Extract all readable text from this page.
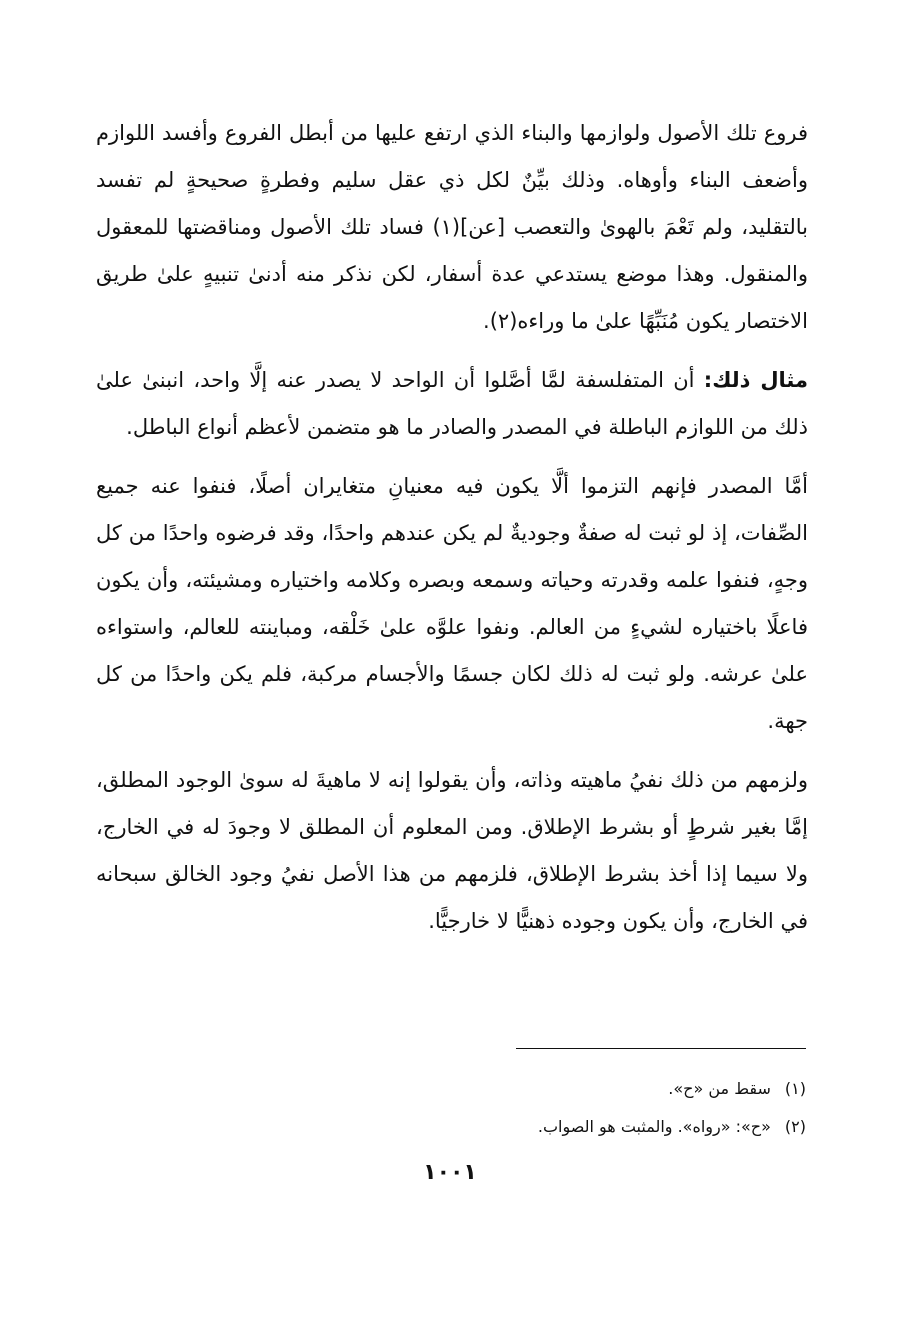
فروع تلك الأصول ولوازمها والبناء الذي ارتفع عليها من أبطل الفروع وأفسد اللوازم وأضعف البناء وأوهاه. وذلك بيِّنٌ لكل ذي عقل سليم وفطرةٍ صحيحةٍ لم تفسد بالتقليد، ولم تَعْمَ بالهوىٰ والتعصب [عن](١) فساد تلك الأصول ومناقضتها للمعقول والمنقول. وهذا موضع يستدعي عدة أسفار، لكن نذكر منه أدنىٰ تنبيهٍ علىٰ طريق الاختصار يكون مُنَبِّهًا علىٰ ما وراءه(٢).

مثال ذلك: أن المتفلسفة لمَّا أصَّلوا أن الواحد لا يصدر عنه إلَّا واحد، انبنىٰ علىٰ ذلك من اللوازم الباطلة في المصدر والصادر ما هو متضمن لأعظم أنواع الباطل.

أمَّا المصدر فإنهم التزموا ألَّا يكون فيه معنيانِ متغايران أصلًا، فنفوا عنه جميع الصِّفات، إذ لو ثبت له صفةٌ وجوديةٌ لم يكن عندهم واحدًا، وقد فرضوه واحدًا من كل وجهٍ، فنفوا علمه وقدرته وحياته وسمعه وبصره وكلامه واختياره ومشيئته، وأن يكون فاعلًا باختياره لشيءٍ من العالم. ونفوا علوَّه علىٰ خَلْقه، ومباينته للعالم، واستواءه علىٰ عرشه. ولو ثبت له ذلك لكان جسمًا والأجسام مركبة، فلم يكن واحدًا من كل جهة.

ولزمهم من ذلك نفيُ ماهيته وذاته، وأن يقولوا إنه لا ماهيةَ له سوىٰ الوجود المطلق، إمَّا بغير شرطٍ أو بشرط الإطلاق. ومن المعلوم أن المطلق لا وجودَ له في الخارج، ولا سيما إذا أخذ بشرط الإطلاق، فلزمهم من هذا الأصل نفيُ وجود الخالق سبحانه في الخارج، وأن يكون وجوده ذهنيًّا لا خارجيًّا.

(١)سقط من «ح».

(٢)«ح»: «رواه». والمثبت هو الصواب.

١٠٠١
